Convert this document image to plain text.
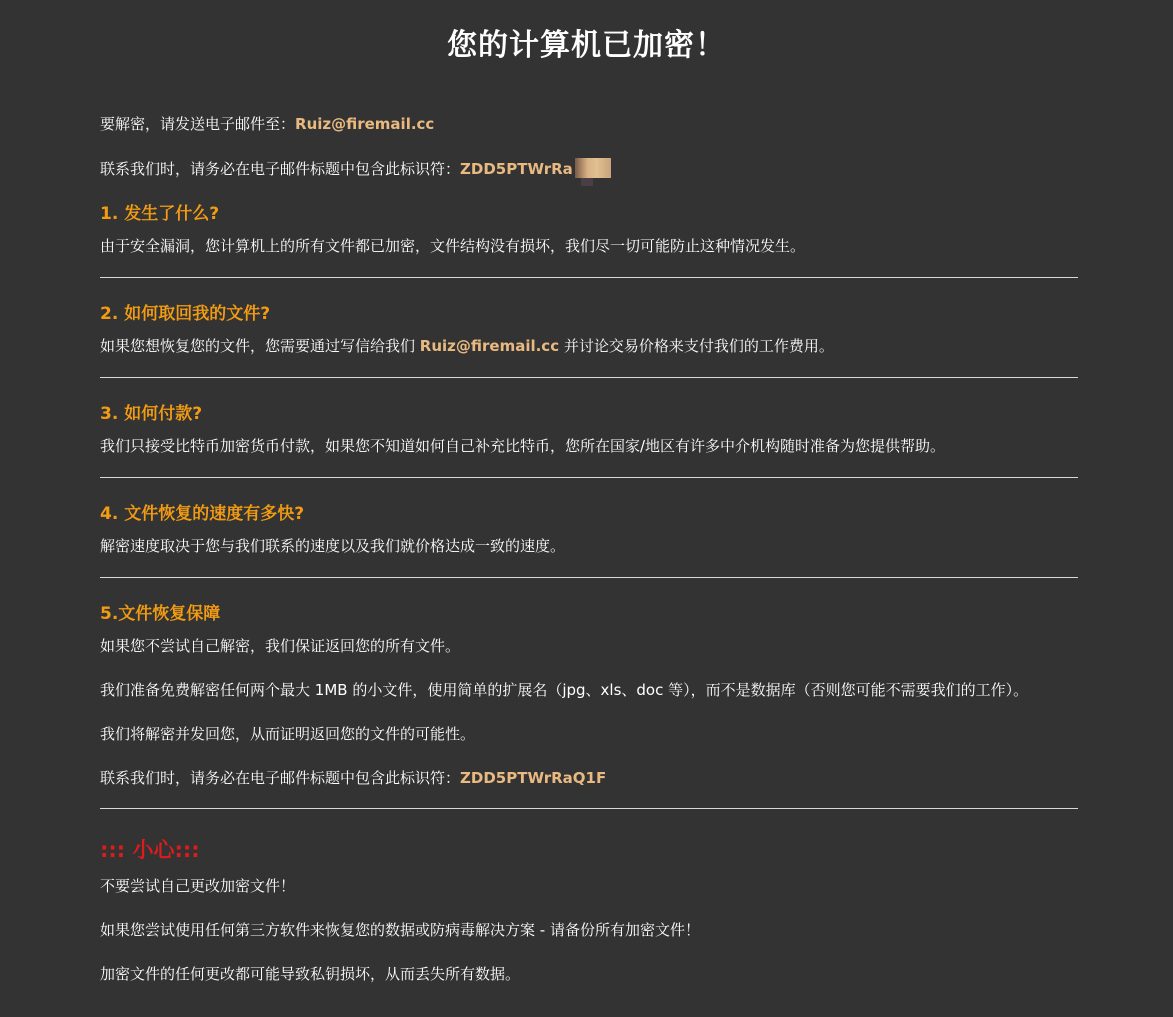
您的计算机已加密！
要解密，请发送电子邮件至：Ruiz@firemail.cc
联系我们时，请务必在电子邮件标题中包含此标识符：ZDD5PTWrRa
1. 发生了什么?
由于安全漏洞，您计算机上的所有文件都已加密，文件结构没有损坏，我们尽一切可能防止这种情况发生。
2. 如何取回我的文件?
如果您想恢复您的文件，您需要通过写信给我们 Ruiz@firemail.cc 并讨论交易价格来支付我们的工作费用。
3. 如何付款?
我们只接受比特币加密货币付款，如果您不知道如何自己补充比特币，您所在国家/地区有许多中介机构随时准备为您提供帮助。
4. 文件恢复的速度有多快?
解密速度取决于您与我们联系的速度以及我们就价格达成一致的速度。
5.文件恢复保障
如果您不尝试自己解密，我们保证返回您的所有文件。
我们准备免费解密任何两个最大 1MB 的小文件，使用简单的扩展名（jpg、xls、doc 等），而不是数据库（否则您可能不需要我们的工作）。
我们将解密并发回您，从而证明返回您的文件的可能性。
联系我们时，请务必在电子邮件标题中包含此标识符：ZDD5PTWrRaQ1F
::: 小心:::
不要尝试自己更改加密文件！
如果您尝试使用任何第三方软件来恢复您的数据或防病毒解决方案 - 请备份所有加密文件！
加密文件的任何更改都可能导致私钥损坏，从而丢失所有数据。
